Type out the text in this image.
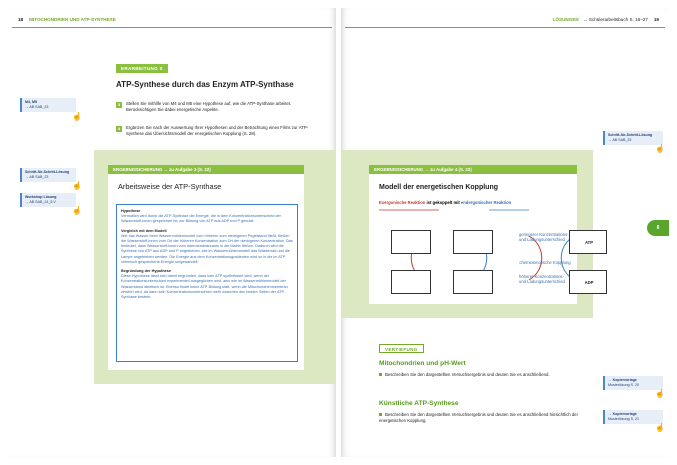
18 MITOCHONDRIEN UND ATP-SYNTHESE
ERARBEITUNG II
ATP-Synthese durch das Enzym ATP-Synthase
3	Stellen Sie mithilfe von M4 und M5 eine Hypothese auf, wie die ATP-Synthase arbeitet. Berücksichtigen Sie dabei energetische Aspekte.
4	Ergänzen Sie nach der Auswertung Ihrer Hypothesen und der Betrachtung eines Films zur ATP-Synthese das Übersichtsmodell der energetischen Kopplung (S. 28).
M4, M5
→ AB SAB_23
☝
Schritt-für-Schritt-Lösung
→ AB SAB_23
☝
Workshop Lösung
→ AB SAB_24_5.V
☝
ERGEBNISSICHERUNG → zu Aufgabe 3 (S. 22)
Arbeitsweise der ATP-Synthase
Hypothese
Vermutlich wird durch die ATP-Synthase die Energie, die in dem Konzentrationsunterschied der Wasserstoff-Ionen gespeichert ist, zur Bildung von ATP aus ADP und P genutzt.
Vergleich mit dem Modell
Wie das Wasser beim Wassermühlenmodell vom höheren zum niedrigeren Pegelstand fließt, fließen die Wasserstoff-Ionen vom Ort der höheren Konzentration zum Ort der niedrigeren Konzentration. Das bedeutet, dass Wasserstoff-Ionen vom Intermembranraum in die Matrix fließen. Dadurch wird die Synthese von ATP aus ADP und P angetrieben, wie im Wassermühlenmodell das Wasserrad und die Lampe angetrieben werden. Die Energie aus dem Konzentrationsgradienten wird so in die im ATP chemisch gespeicherte Energie umgewandelt.
Begründung der Hypothese
Diese Hypothese lässt sich damit begründen, dass kein ATP synthetisiert wird, wenn der Konzentrationsunterschied experimentell ausgeglichen wird, also wie im Wassermühlenmodell der Wasserstand identisch ist. Ebenso findet keine ATP-Bildung statt, wenn die Mitochondrienmembran zerstört wird, da dann kein Konzentrationsunterschied mehr zwischen den beiden Seiten der ATP-Synthase besteht.
LÖSUNGEN → Schülerarbeitsbuch S. 16–27 19
II
Schritt-für-Schritt-Lösung
→ AB SAB_25
☝
→ Kopiervorlage
Musterlösung S. 20
☝
→ Kopiervorlage
Musterlösung S. 21
☝
ERGEBNISSICHERUNG → zu Aufgabe 4 (S. 22)
Modell der energetischen Kopplung
Exergonische Reaktion ist gekoppelt mit endergonischer Reaktion
ATP
ADP
geringerer Konzentrations- und Ladungsunterschied
chemiosmotische Kopplung
höherer Konzentrations- und Ladungsunterschied
VERTIEFUNG
Mitochondrien und pH-Wert
Beschreiben Sie den dargestellten Versuchsergebnis und deuten Sie es anschließend.
Künstliche ATP-Synthese
Beschreiben Sie den dargestellten Versuchsergebnis und deuten Sie es anschließend hinsichtlich der energetischen Kopplung.
